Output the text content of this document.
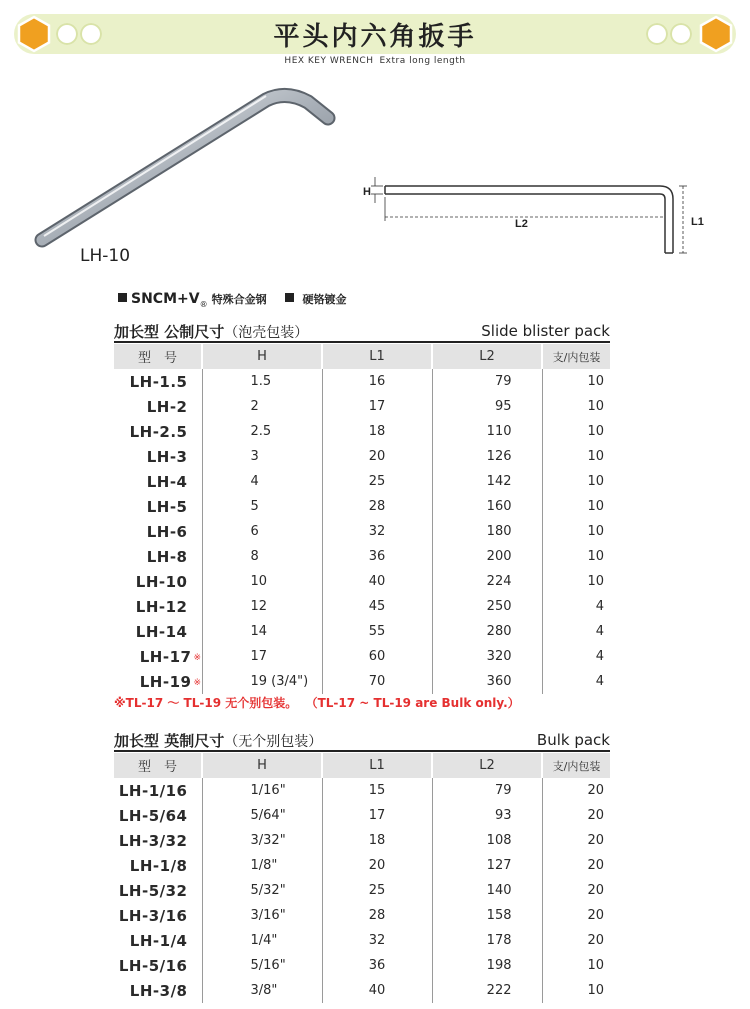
平头内六角扳手
HEX KEY WRENCH Extra long length
LH-10
H
L2	L1
$SNCM+V_®$ 特殊合金钢	硬铬镀金
加长型 公制尺寸（泡壳包装）	Slide blister pack
型　号	H	L1	L2	支/内包装
LH-1.5	1.5	16	79	10
LH-2	2	17	95	10
LH-2.5	2.5	18	110	10
LH-3	3	20	126	10
LH-4	4	25	142	10
LH-5	5	28	160	10
LH-6	6	32	180	10
LH-8	8	36	200	10
LH-10	10	40	224	10
LH-12	12	45	250	4
LH-14	14	55	280	4
LH-17 ※	17	60	320	4
LH-19 ※	19 (3/4")	70	360	4
※TL-17 ～ TL-19 无个别包装。 （TL-17 ~ TL-19 are Bulk only.）
加长型 英制尺寸（无个别包装）	Bulk pack
型　号	H	L1	L2	支/内包装
LH-1/16	1/16"	15	79	20
LH-5/64	5/64"	17	93	20
LH-3/32	3/32"	18	108	20
LH-1/8	1/8"	20	127	20
LH-5/32	5/32"	25	140	20
LH-3/16	3/16"	28	158	20
LH-1/4	1/4"	32	178	20
LH-5/16	5/16"	36	198	10
LH-3/8	3/8"	40	222	10
